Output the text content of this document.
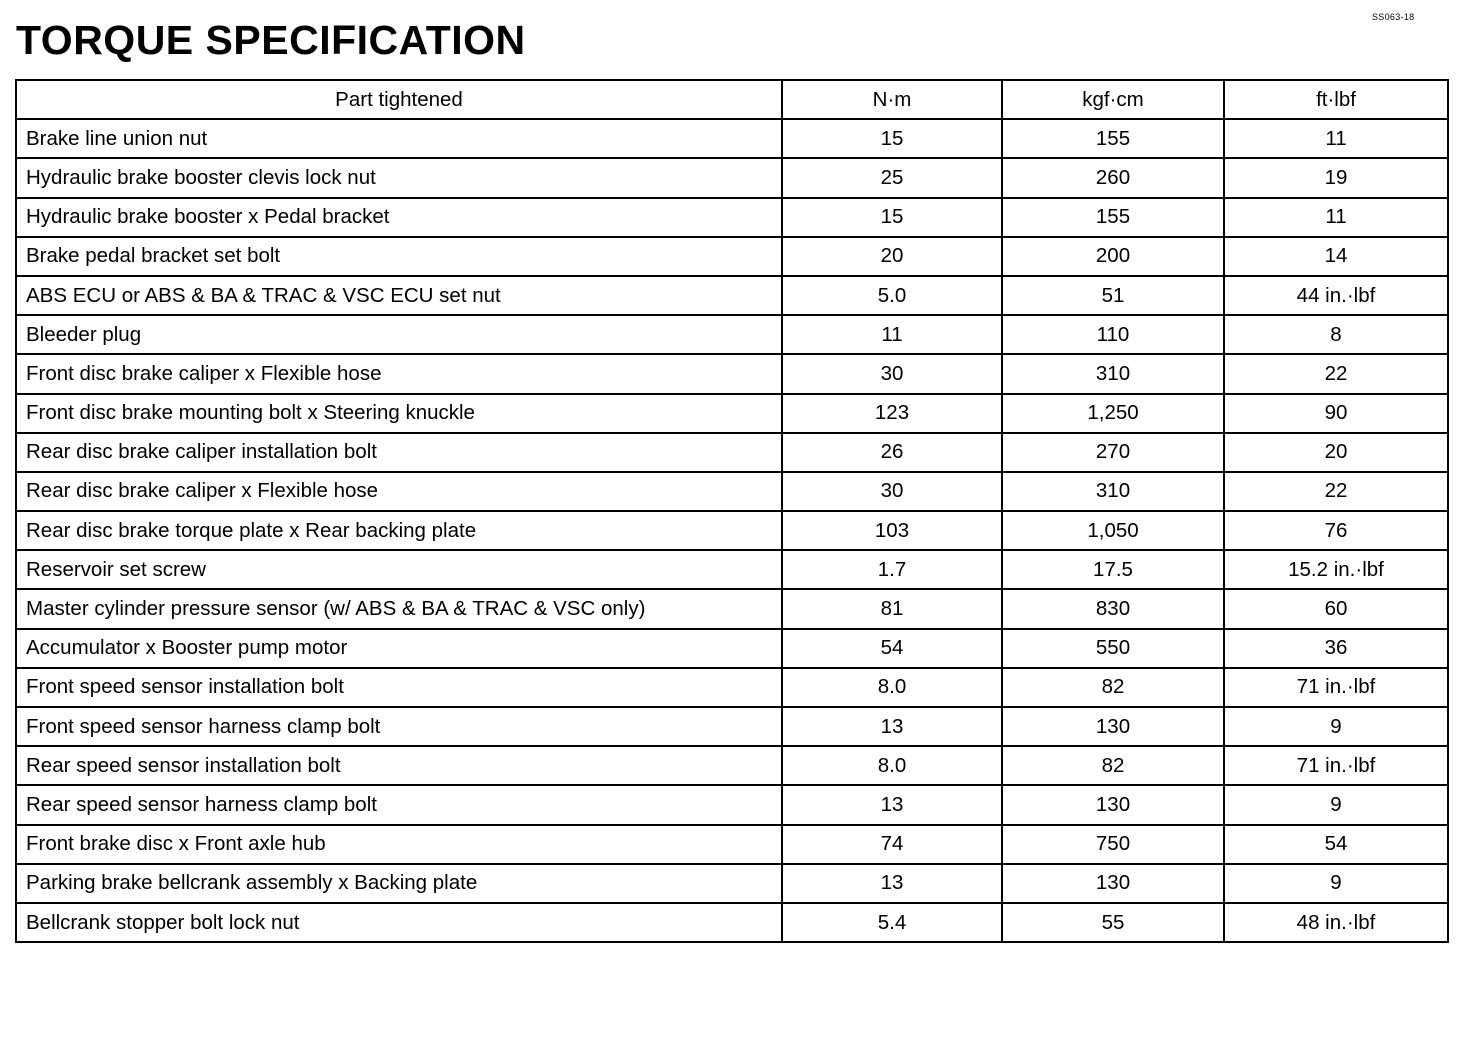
SS063-18
TORQUE SPECIFICATION
Part tightened	N·m	kgf·cm	ft·lbf
Brake line union nut	15	155	11
Hydraulic brake booster clevis lock nut	25	260	19
Hydraulic brake booster x Pedal bracket	15	155	11
Brake pedal bracket set bolt	20	200	14
ABS ECU or ABS & BA & TRAC & VSC ECU set nut	5.0	51	44 in.·lbf
Bleeder plug	11	110	8
Front disc brake caliper x Flexible hose	30	310	22
Front disc brake mounting bolt x Steering knuckle	123	1,250	90
Rear disc brake caliper installation bolt	26	270	20
Rear disc brake caliper x Flexible hose	30	310	22
Rear disc brake torque plate x Rear backing plate	103	1,050	76
Reservoir set screw	1.7	17.5	15.2 in.·lbf
Master cylinder pressure sensor (w/ ABS & BA & TRAC & VSC only)	81	830	60
Accumulator x Booster pump motor	54	550	36
Front speed sensor installation bolt	8.0	82	71 in.·lbf
Front speed sensor harness clamp bolt	13	130	9
Rear speed sensor installation bolt	8.0	82	71 in.·lbf
Rear speed sensor harness clamp bolt	13	130	9
Front brake disc x Front axle hub	74	750	54
Parking brake bellcrank assembly x Backing plate	13	130	9
Bellcrank stopper bolt lock nut	5.4	55	48 in.·lbf
